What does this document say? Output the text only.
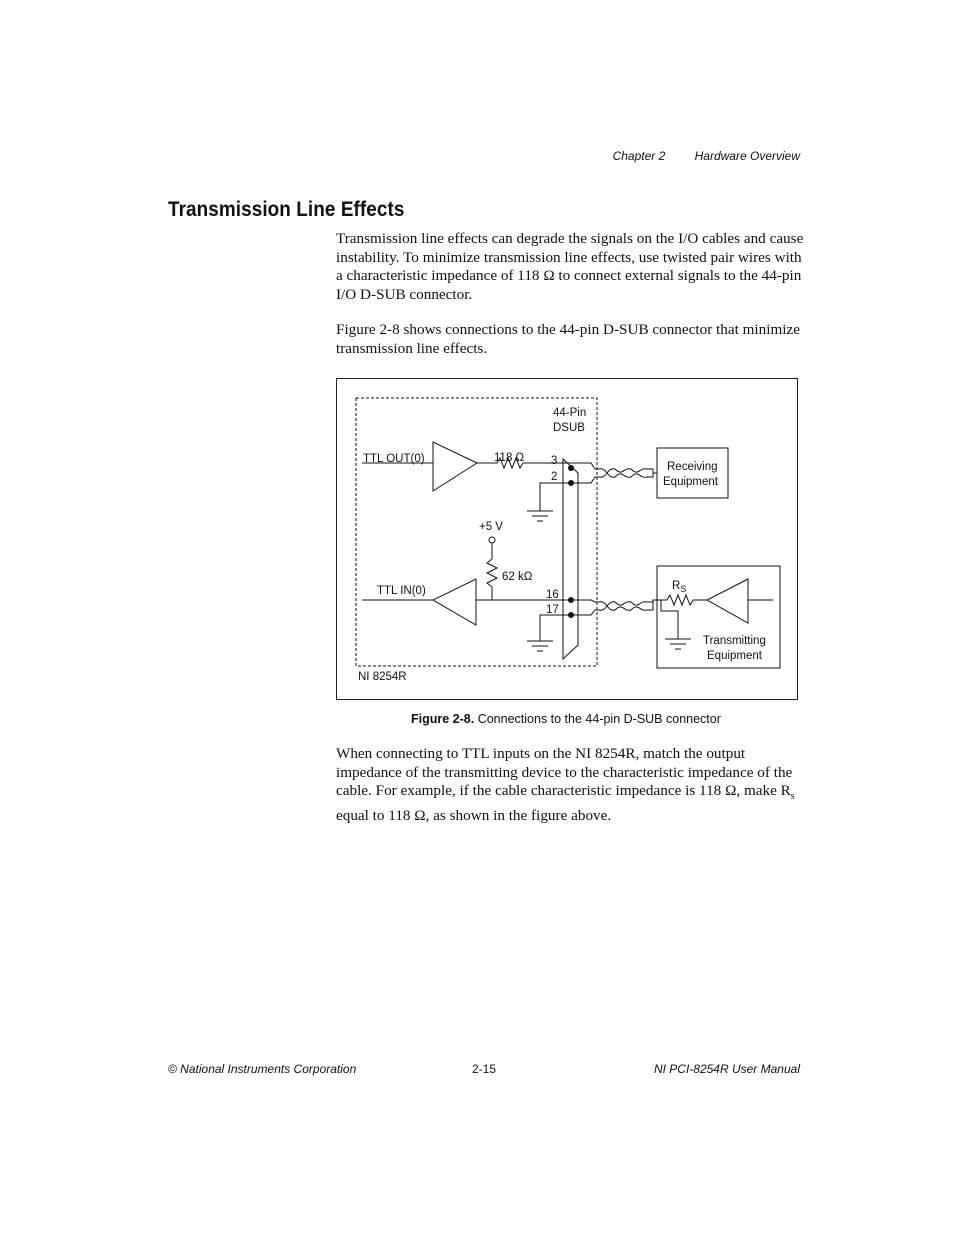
Chapter 2 Hardware Overview
Transmission Line Effects

Transmission line effects can degrade the signals on the I/O cables and cause instability. To minimize transmission line effects, use twisted pair wires with a characteristic impedance of 118 Ω to connect external signals to the 44-pin I/O D-SUB connector.

Figure 2-8 shows connections to the 44-pin D-SUB connector that minimize transmission line effects.

44-Pin
DSUB
TTL OUT(0)	118 Ω 3
2
+5 V
62 kΩ
TTL IN(0)	16
17
Receiving
Equipment
$R_S$
Transmitting
Equipment
NI 8254R
Figure 2-8. Connections to the 44-pin D-SUB connector

When connecting to TTL inputs on the NI 8254R, match the output impedance of the transmitting device to the characteristic impedance of the cable. For example, if the cable characteristic impedance is 118 Ω, make $R_s$ equal to 118 Ω, as shown in the figure above.

© National Instruments Corporation	2-15	NI PCI-8254R User Manual
